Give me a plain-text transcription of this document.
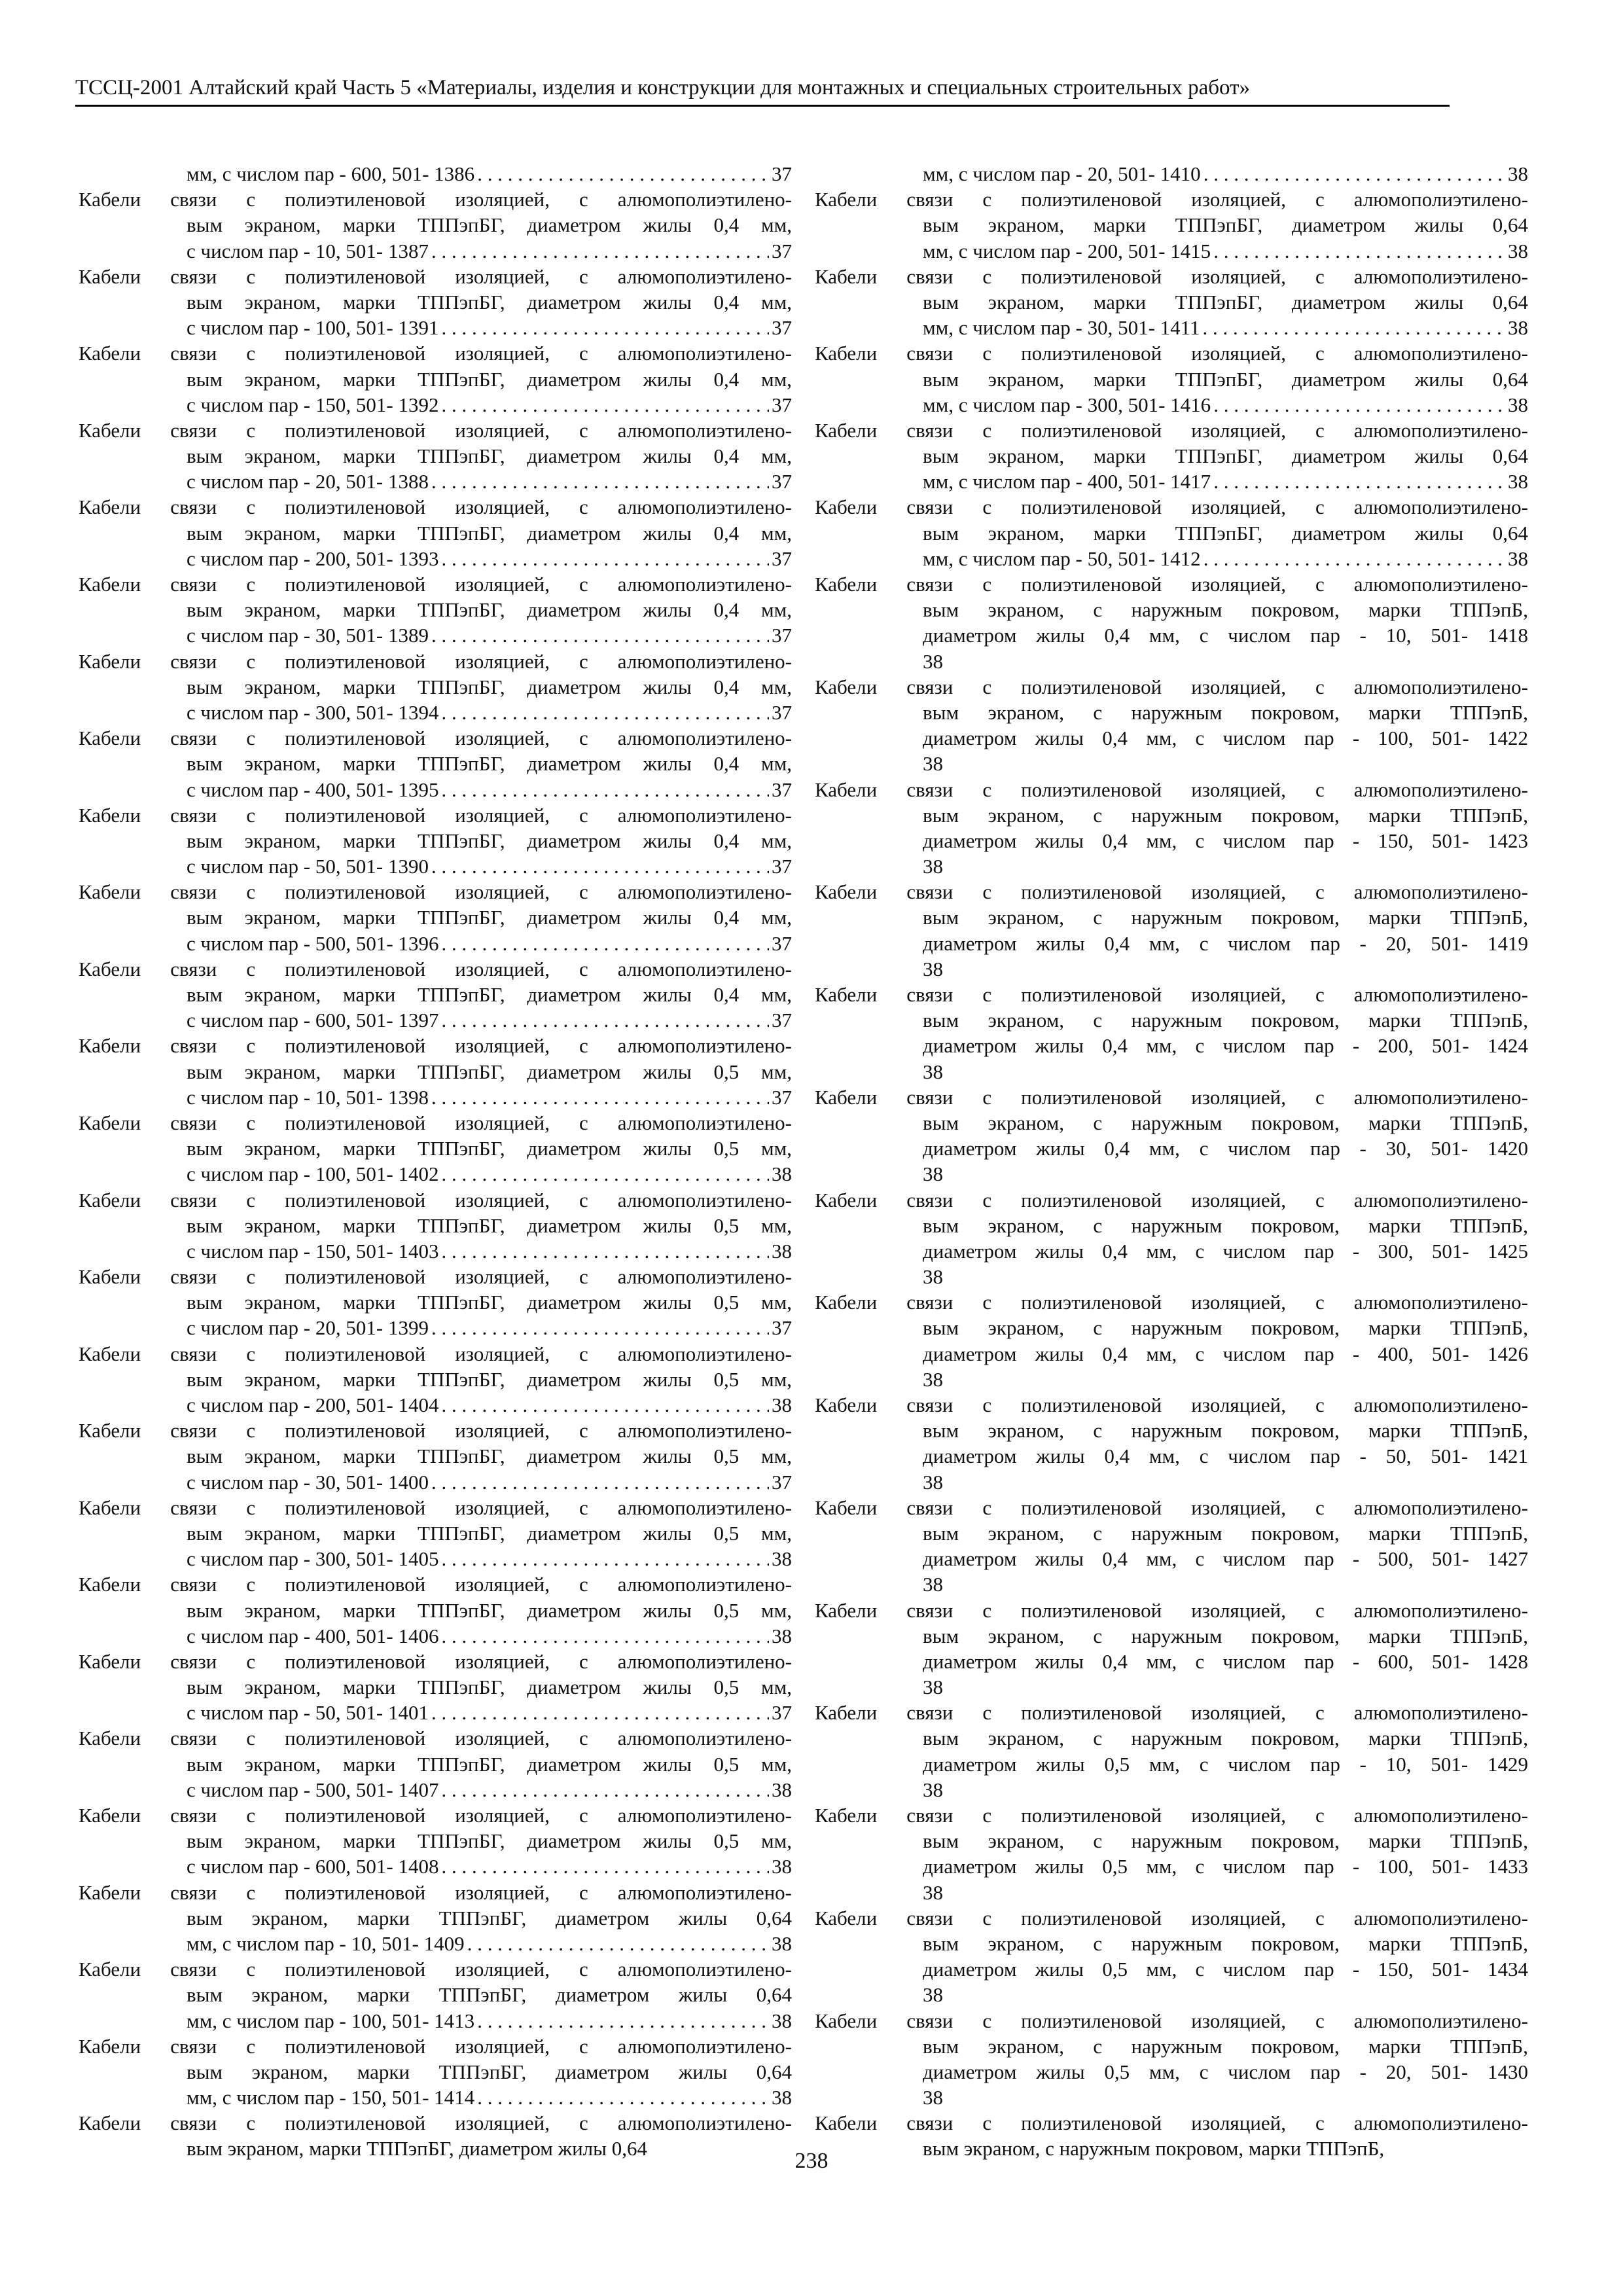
ТССЦ-2001 Алтайский край Часть 5 «Материалы, изделия и конструкции для монтажных и специальных строительных работ»
мм, с числом пар - 600, 501- 1386 . . .	37
Кабели связи с полиэтиленовой изоляцией, с алюмополиэтилено-
вым экраном, марки ТППэпБГ, диаметром жилы 0,4 мм,
с числом пар - 10, 501- 1387 . . .	37
Кабели связи с полиэтиленовой изоляцией, с алюмополиэтилено-
вым экраном, марки ТППэпБГ, диаметром жилы 0,4 мм,
с числом пар - 100, 501- 1391 . . .	37
Кабели связи с полиэтиленовой изоляцией, с алюмополиэтилено-
вым экраном, марки ТППэпБГ, диаметром жилы 0,4 мм,
с числом пар - 150, 501- 1392 . . .	37
Кабели связи с полиэтиленовой изоляцией, с алюмополиэтилено-
вым экраном, марки ТППэпБГ, диаметром жилы 0,4 мм,
с числом пар - 20, 501- 1388 . . .	37
Кабели связи с полиэтиленовой изоляцией, с алюмополиэтилено-
вым экраном, марки ТППэпБГ, диаметром жилы 0,4 мм,
с числом пар - 200, 501- 1393 . . .	37
Кабели связи с полиэтиленовой изоляцией, с алюмополиэтилено-
вым экраном, марки ТППэпБГ, диаметром жилы 0,4 мм,
с числом пар - 30, 501- 1389 . . .	37
Кабели связи с полиэтиленовой изоляцией, с алюмополиэтилено-
вым экраном, марки ТППэпБГ, диаметром жилы 0,4 мм,
с числом пар - 300, 501- 1394 . . .	37
Кабели связи с полиэтиленовой изоляцией, с алюмополиэтилено-
вым экраном, марки ТППэпБГ, диаметром жилы 0,4 мм,
с числом пар - 400, 501- 1395 . . .	37
Кабели связи с полиэтиленовой изоляцией, с алюмополиэтилено-
вым экраном, марки ТППэпБГ, диаметром жилы 0,4 мм,
с числом пар - 50, 501- 1390 . . .	37
Кабели связи с полиэтиленовой изоляцией, с алюмополиэтилено-
вым экраном, марки ТППэпБГ, диаметром жилы 0,4 мм,
с числом пар - 500, 501- 1396 . . .	37
Кабели связи с полиэтиленовой изоляцией, с алюмополиэтилено-
вым экраном, марки ТППэпБГ, диаметром жилы 0,4 мм,
с числом пар - 600, 501- 1397 . . .	37
Кабели связи с полиэтиленовой изоляцией, с алюмополиэтилено-
вым экраном, марки ТППэпБГ, диаметром жилы 0,5 мм,
с числом пар - 10, 501- 1398 . . .	37
Кабели связи с полиэтиленовой изоляцией, с алюмополиэтилено-
вым экраном, марки ТППэпБГ, диаметром жилы 0,5 мм,
с числом пар - 100, 501- 1402 . . .	38
Кабели связи с полиэтиленовой изоляцией, с алюмополиэтилено-
вым экраном, марки ТППэпБГ, диаметром жилы 0,5 мм,
с числом пар - 150, 501- 1403 . . .	38
Кабели связи с полиэтиленовой изоляцией, с алюмополиэтилено-
вым экраном, марки ТППэпБГ, диаметром жилы 0,5 мм,
с числом пар - 20, 501- 1399 . . .	37
Кабели связи с полиэтиленовой изоляцией, с алюмополиэтилено-
вым экраном, марки ТППэпБГ, диаметром жилы 0,5 мм,
с числом пар - 200, 501- 1404 . . .	38
Кабели связи с полиэтиленовой изоляцией, с алюмополиэтилено-
вым экраном, марки ТППэпБГ, диаметром жилы 0,5 мм,
с числом пар - 30, 501- 1400 . . .	37
Кабели связи с полиэтиленовой изоляцией, с алюмополиэтилено-
вым экраном, марки ТППэпБГ, диаметром жилы 0,5 мм,
с числом пар - 300, 501- 1405 . . .	38
Кабели связи с полиэтиленовой изоляцией, с алюмополиэтилено-
вым экраном, марки ТППэпБГ, диаметром жилы 0,5 мм,
с числом пар - 400, 501- 1406 . . .	38
Кабели связи с полиэтиленовой изоляцией, с алюмополиэтилено-
вым экраном, марки ТППэпБГ, диаметром жилы 0,5 мм,
с числом пар - 50, 501- 1401 . . .	37
Кабели связи с полиэтиленовой изоляцией, с алюмополиэтилено-
вым экраном, марки ТППэпБГ, диаметром жилы 0,5 мм,
с числом пар - 500, 501- 1407 . . .	38
Кабели связи с полиэтиленовой изоляцией, с алюмополиэтилено-
вым экраном, марки ТППэпБГ, диаметром жилы 0,5 мм,
с числом пар - 600, 501- 1408 . . .	38
Кабели связи с полиэтиленовой изоляцией, с алюмополиэтилено-
вым экраном, марки ТППэпБГ, диаметром жилы 0,64
мм, с числом пар - 10, 501- 1409 . . .	38
Кабели связи с полиэтиленовой изоляцией, с алюмополиэтилено-
вым экраном, марки ТППэпБГ, диаметром жилы 0,64
мм, с числом пар - 100, 501- 1413 . . .	38
Кабели связи с полиэтиленовой изоляцией, с алюмополиэтилено-
вым экраном, марки ТППэпБГ, диаметром жилы 0,64
мм, с числом пар - 150, 501- 1414 . . .	38
Кабели связи с полиэтиленовой изоляцией, с алюмополиэтилено-
вым экраном, марки ТППэпБГ, диаметром жилы 0,64
мм, с числом пар - 20, 501- 1410 . . .	38
Кабели связи с полиэтиленовой изоляцией, с алюмополиэтилено-
вым экраном, марки ТППэпБГ, диаметром жилы 0,64
мм, с числом пар - 200, 501- 1415 . . .	38
Кабели связи с полиэтиленовой изоляцией, с алюмополиэтилено-
вым экраном, марки ТППэпБГ, диаметром жилы 0,64
мм, с числом пар - 30, 501- 1411 . . .	38
Кабели связи с полиэтиленовой изоляцией, с алюмополиэтилено-
вым экраном, марки ТППэпБГ, диаметром жилы 0,64
мм, с числом пар - 300, 501- 1416 . . .	38
Кабели связи с полиэтиленовой изоляцией, с алюмополиэтилено-
вым экраном, марки ТППэпБГ, диаметром жилы 0,64
мм, с числом пар - 400, 501- 1417 . . .	38
Кабели связи с полиэтиленовой изоляцией, с алюмополиэтилено-
вым экраном, марки ТППэпБГ, диаметром жилы 0,64
мм, с числом пар - 50, 501- 1412 . . .	38
Кабели связи с полиэтиленовой изоляцией, с алюмополиэтилено-
вым экраном, с наружным покровом, марки ТППэпБ,
диаметром жилы 0,4 мм, с числом пар - 10, 501- 1418
38
Кабели связи с полиэтиленовой изоляцией, с алюмополиэтилено-
вым экраном, с наружным покровом, марки ТППэпБ,
диаметром жилы 0,4 мм, с числом пар - 100, 501- 1422
38
Кабели связи с полиэтиленовой изоляцией, с алюмополиэтилено-
вым экраном, с наружным покровом, марки ТППэпБ,
диаметром жилы 0,4 мм, с числом пар - 150, 501- 1423
38
Кабели связи с полиэтиленовой изоляцией, с алюмополиэтилено-
вым экраном, с наружным покровом, марки ТППэпБ,
диаметром жилы 0,4 мм, с числом пар - 20, 501- 1419
38
Кабели связи с полиэтиленовой изоляцией, с алюмополиэтилено-
вым экраном, с наружным покровом, марки ТППэпБ,
диаметром жилы 0,4 мм, с числом пар - 200, 501- 1424
38
Кабели связи с полиэтиленовой изоляцией, с алюмополиэтилено-
вым экраном, с наружным покровом, марки ТППэпБ,
диаметром жилы 0,4 мм, с числом пар - 30, 501- 1420
38
Кабели связи с полиэтиленовой изоляцией, с алюмополиэтилено-
вым экраном, с наружным покровом, марки ТППэпБ,
диаметром жилы 0,4 мм, с числом пар - 300, 501- 1425
38
Кабели связи с полиэтиленовой изоляцией, с алюмополиэтилено-
вым экраном, с наружным покровом, марки ТППэпБ,
диаметром жилы 0,4 мм, с числом пар - 400, 501- 1426
38
Кабели связи с полиэтиленовой изоляцией, с алюмополиэтилено-
вым экраном, с наружным покровом, марки ТППэпБ,
диаметром жилы 0,4 мм, с числом пар - 50, 501- 1421
38
Кабели связи с полиэтиленовой изоляцией, с алюмополиэтилено-
вым экраном, с наружным покровом, марки ТППэпБ,
диаметром жилы 0,4 мм, с числом пар - 500, 501- 1427
38
Кабели связи с полиэтиленовой изоляцией, с алюмополиэтилено-
вым экраном, с наружным покровом, марки ТППэпБ,
диаметром жилы 0,4 мм, с числом пар - 600, 501- 1428
38
Кабели связи с полиэтиленовой изоляцией, с алюмополиэтилено-
вым экраном, с наружным покровом, марки ТППэпБ,
диаметром жилы 0,5 мм, с числом пар - 10, 501- 1429
38
Кабели связи с полиэтиленовой изоляцией, с алюмополиэтилено-
вым экраном, с наружным покровом, марки ТППэпБ,
диаметром жилы 0,5 мм, с числом пар - 100, 501- 1433
38
Кабели связи с полиэтиленовой изоляцией, с алюмополиэтилено-
вым экраном, с наружным покровом, марки ТППэпБ,
диаметром жилы 0,5 мм, с числом пар - 150, 501- 1434
38
Кабели связи с полиэтиленовой изоляцией, с алюмополиэтилено-
вым экраном, с наружным покровом, марки ТППэпБ,
диаметром жилы 0,5 мм, с числом пар - 20, 501- 1430
38
Кабели связи с полиэтиленовой изоляцией, с алюмополиэтилено-
вым экраном, с наружным покровом, марки ТППэпБ,
238
